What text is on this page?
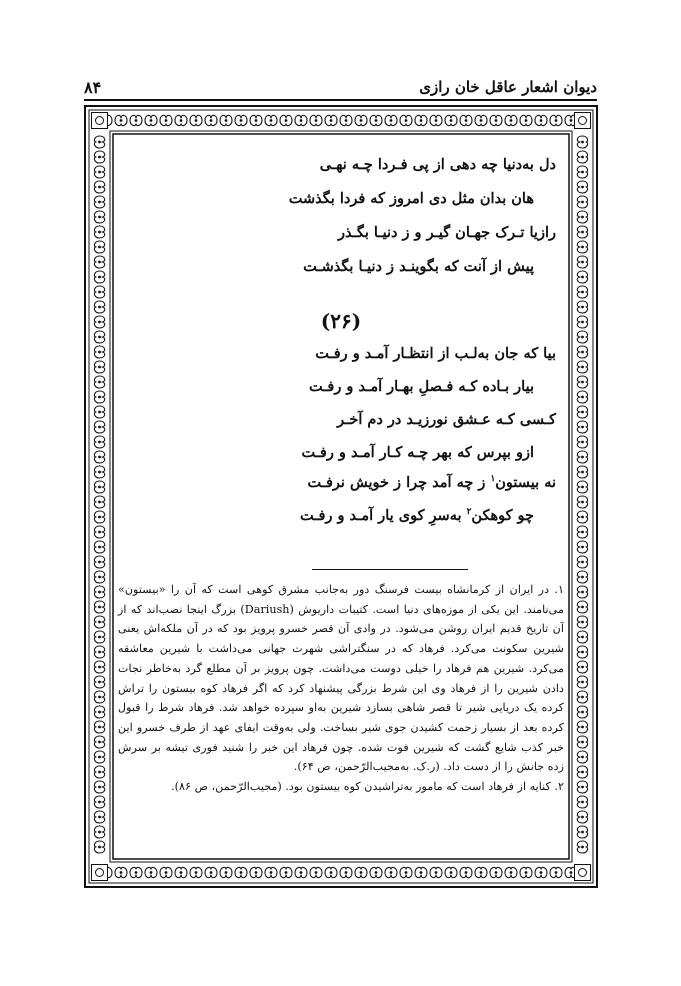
دیوان اشعار عاقل خان رازی
۸۴
دل به‌دنیا چه دهی از پی فـردا چـه نهـی
هان بدان مثل دی امروز که فردا بگذشت
رازیا تـرک جهـان گیـر و ز دنیـا بگـذر
پیش از آنت که بگوینـد ز دنیـا بگذشـت
(۲۶)
بیا که جان به‌لـب از انتظـار آمـد و رفـت
بیار بـاده کـه فـصلِ بهـار آمـد و رفـت
کـسی کـه عـشق نورزیـد در دم آخـر
ازو بپرس که بهر چـه کـار آمـد و رفـت
نه بیستون$^۱$ ز چه آمد چرا ز خویش نرفـت
چو کوهکن$^۲$ به‌سرِ کوی یار آمـد و رفـت

۱. در ایران از کرمانشاه بیست فرسنگ دور به‌جانب مشرق کوهی است که آن را «بیستون» می‌نامند. این یکی از موزه‌های دنیا است. کتیبات داریوش (Dariush) بزرگ اینجا نصب‌اند که از آن تاریخ قدیم ایران روشن می‌شود. در وادی آن قصر خسرو پرویز بود که در آن ملکه‌اش یعنی شیرین سکونت می‌کرد. فرهاد که در سنگتراشی شهرت جهانی می‌داشت با شیرین معاشقه می‌کرد. شیرین هم فرهاد را خیلی دوست می‌داشت. چون پرویز بر آن مطلع گرد به‌خاطر نجات دادن شیرین را از فرهاد وی این شرط بزرگی پیشنهاد کرد که اگر فرهاد کوه بیستون را تراش کرده یک دریایی شیر تا قصر شاهی بسازد شیرین به‌او سپرده خواهد شد. فرهاد شرط را قبول کرده بعد از بسیار زحمت کشیدن جوی شیر بساخت. ولی به‌وقت ایفای عهد از طرف خسرو این خبر کذب شایع گشت که شیرین فوت شده. چون فرهاد این خبر را شنید فوری تیشه بر سرش زده جانش را از دست داد. (ر.ک. به‌مجیب‌الرّحمن، ص ۶۴).

۲. کنایه از فرهاد است که مامور به‌تراشیدن کوه بیستون بود. (مجیب‌الرّحمن، ص ۸۶).
